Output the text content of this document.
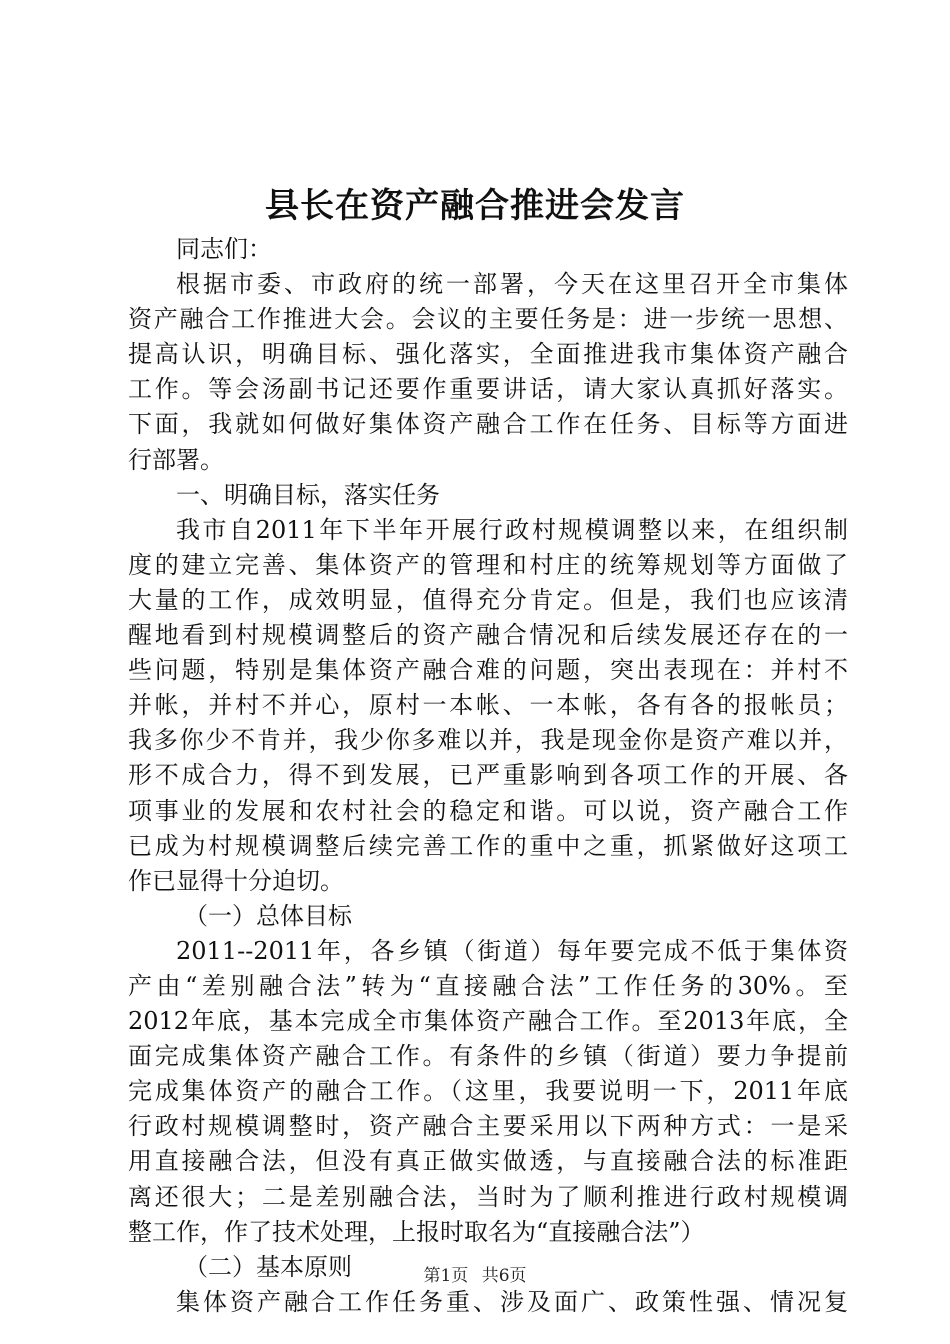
县长在资产融合推进会发言
同志们：
根据市委、市政府的统一部署，今天在这里召开全市集体
资产融合工作推进大会。会议的主要任务是：进一步统一思想、
提高认识，明确目标、强化落实，全面推进我市集体资产融合
工作。等会汤副书记还要作重要讲话，请大家认真抓好落实。
下面，我就如何做好集体资产融合工作在任务、目标等方面进
行部署。
一、明确目标，落实任务
我市自2011年下半年开展行政村规模调整以来，在组织制
度的建立完善、集体资产的管理和村庄的统筹规划等方面做了
大量的工作，成效明显，值得充分肯定。但是，我们也应该清
醒地看到村规模调整后的资产融合情况和后续发展还存在的一
些问题，特别是集体资产融合难的问题，突出表现在：并村不
并帐，并村不并心，原村一本帐、一本帐，各有各的报帐员；
我多你少不肯并，我少你多难以并，我是现金你是资产难以并，
形不成合力，得不到发展，已严重影响到各项工作的开展、各
项事业的发展和农村社会的稳定和谐。可以说，资产融合工作
已成为村规模调整后续完善工作的重中之重，抓紧做好这项工
作已显得十分迫切。
（一）总体目标
2011--2011年，各乡镇（街道）每年要完成不低于集体资
产由“差别融合法”转为“直接融合法”工作任务的30%。至
2012年底，基本完成全市集体资产融合工作。至2013年底，全
面完成集体资产融合工作。有条件的乡镇（街道）要力争提前
完成集体资产的融合工作。（这里，我要说明一下，2011年底
行政村规模调整时，资产融合主要采用以下两种方式：一是采
用直接融合法，但没有真正做实做透，与直接融合法的标准距
离还很大；二是差别融合法，当时为了顺利推进行政村规模调
整工作，作了技术处理，上报时取名为“直接融合法”）
（二）基本原则
集体资产融合工作任务重、涉及面广、政策性强、情况复
第1页 共6页
